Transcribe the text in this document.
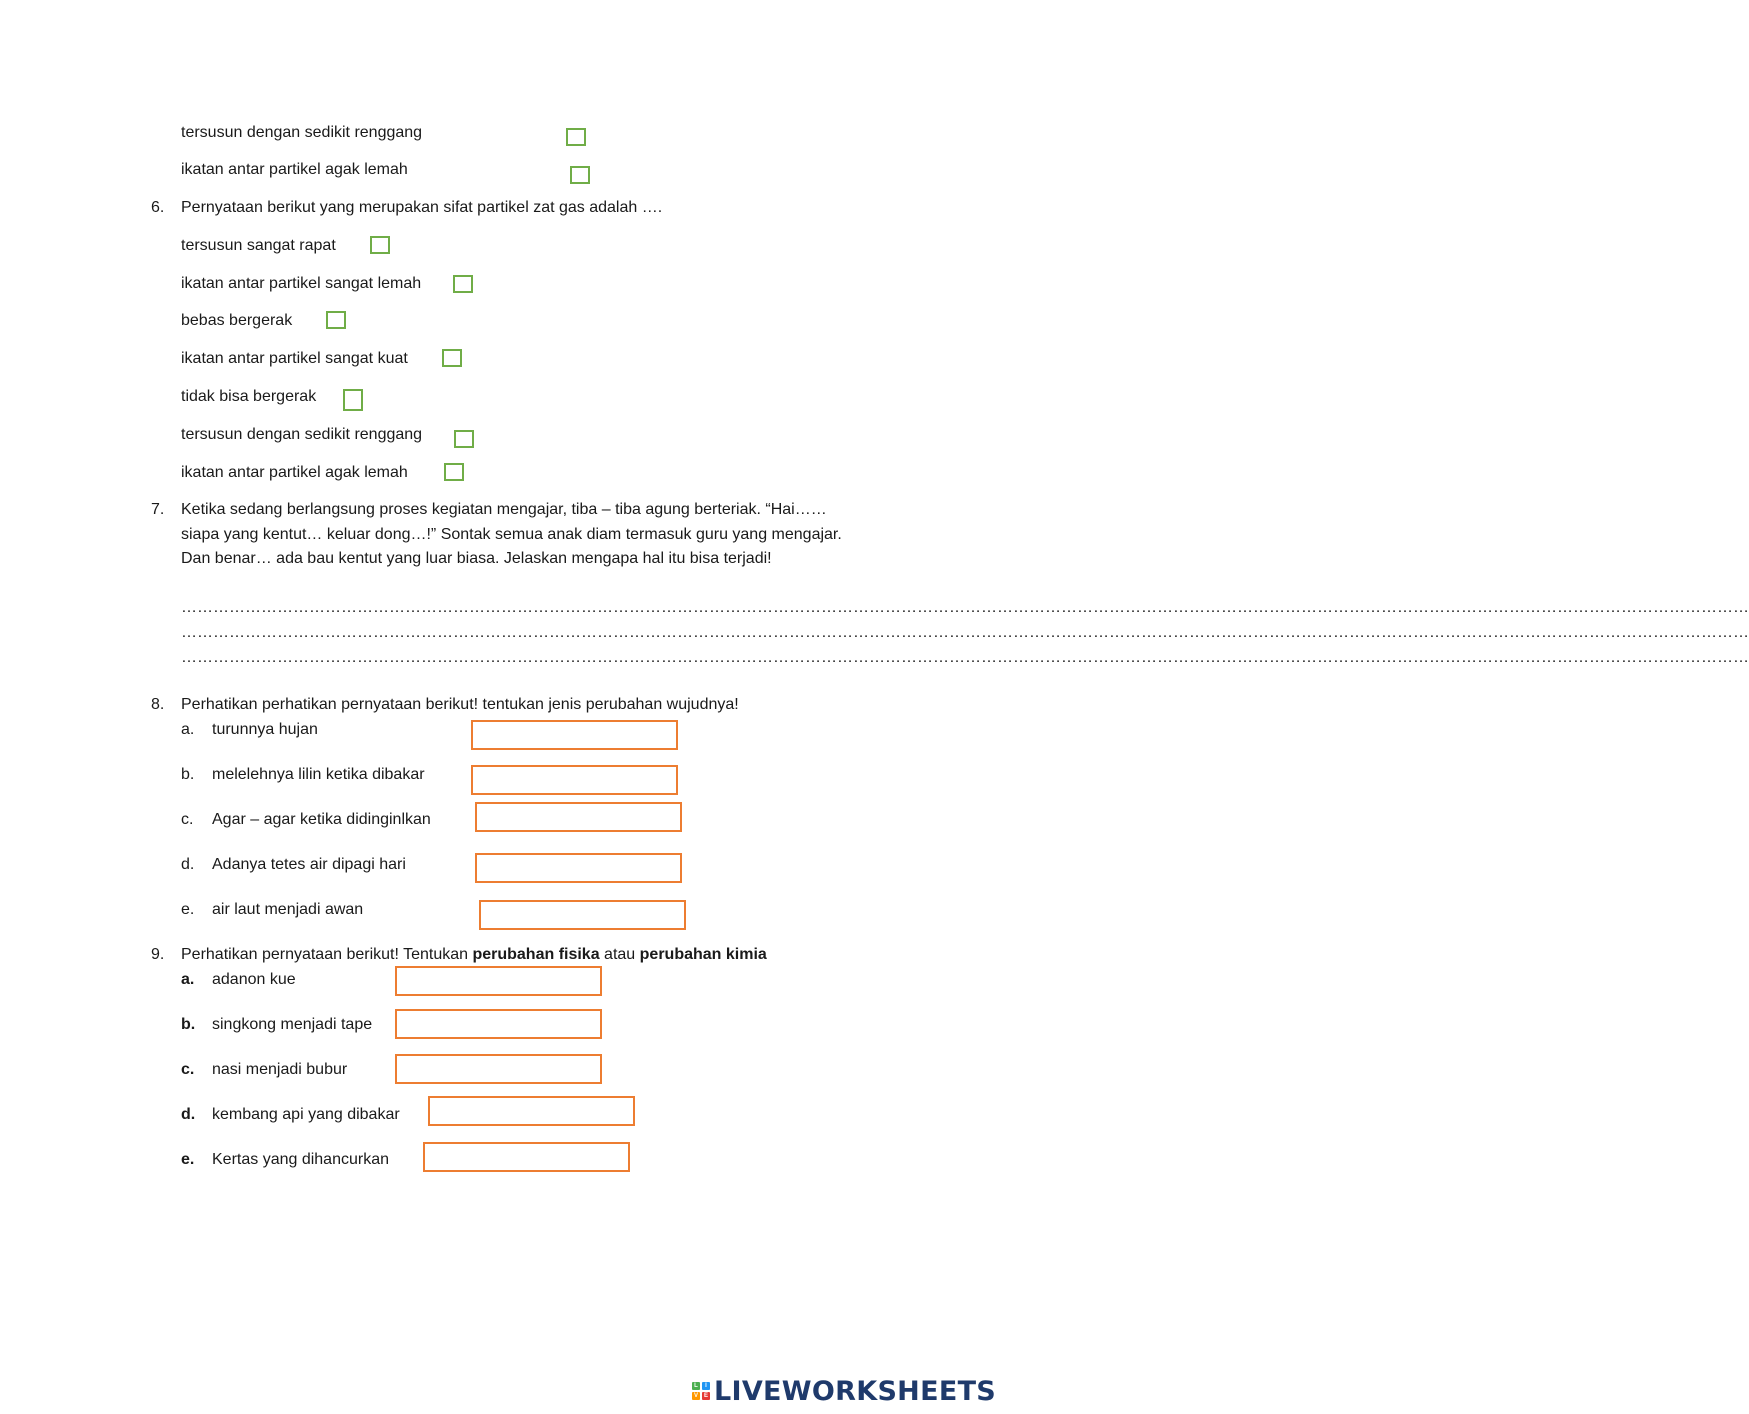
tersusun dengan sedikit renggang
ikatan antar partikel agak lemah
6. Pernyataan berikut yang merupakan sifat partikel zat gas adalah ….
tersusun sangat rapat
ikatan antar partikel sangat lemah
bebas bergerak
ikatan antar partikel sangat kuat
tidak bisa bergerak
tersusun dengan sedikit renggang
ikatan antar partikel agak lemah
7. Ketika sedang berlangsung proses kegiatan mengajar, tiba – tiba agung berteriak. “Hai……
siapa yang kentut… keluar dong…!” Sontak semua anak diam termasuk guru yang mengajar.
Dan benar… ada bau kentut yang luar biasa. Jelaskan mengapa hal itu bisa terjadi!
……………………………………………………………………………………………………………………………………………………………………………………………………………………………………………………………………
……………………………………………………………………………………………………………………………………………………………………………………………………………………………………………………………………
……………………………………………………………………………………………………………………………………………………………………………………………………………………………………………………………………
8. Perhatikan perhatikan pernyataan berikut! tentukan jenis perubahan wujudnya!
a. turunnya hujan
b. melelehnya lilin ketika dibakar
c. Agar – agar ketika didinginlkan
d. Adanya tetes air dipagi hari
e. air laut menjadi awan
9. Perhatikan pernyataan berikut! Tentukan perubahan fisika atau perubahan kimia
a. adanon kue
b. singkong menjadi tape
c. nasi menjadi bubur
d. kembang api yang dibakar
e. Kertas yang dihancurkan
L	I
V E LIVEWORKSHEETS
